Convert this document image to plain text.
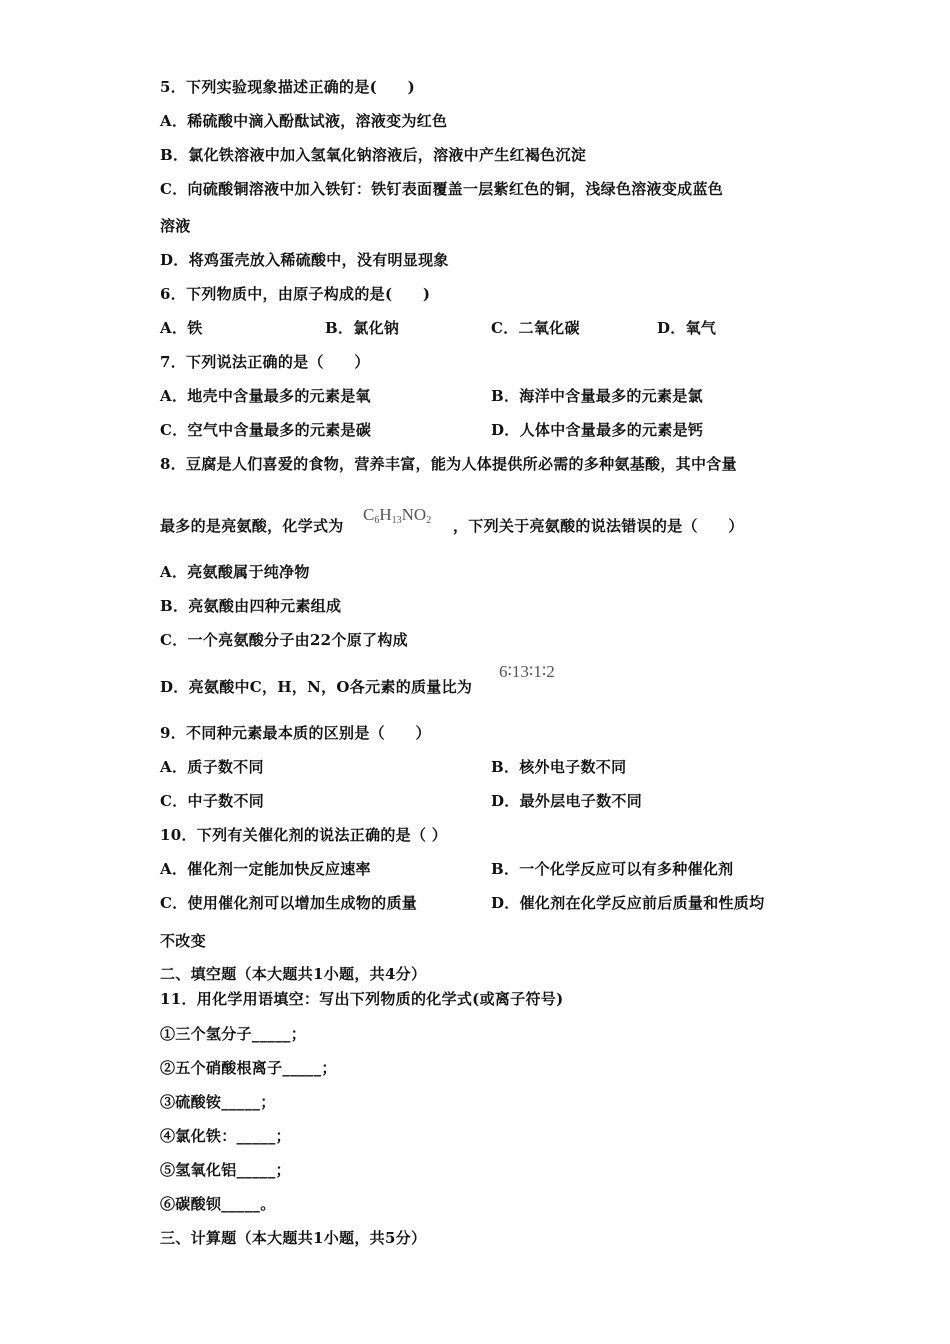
5．下列实验现象描述正确的是(　　)
A．稀硫酸中滴入酚酞试液，溶液变为红色
B．氯化铁溶液中加入氢氧化钠溶液后，溶液中产生红褐色沉淀
C．向硫酸铜溶液中加入铁钉：铁钉表面覆盖一层紫红色的铜，浅绿色溶液变成蓝色
溶液
D．将鸡蛋壳放入稀硫酸中，没有明显现象
6．下列物质中，由原子构成的是(　　)
A．铁	B．氯化钠	C．二氧化碳	D．氧气
7．下列说法正确的是（　　）
A．地壳中含量最多的元素是氧	B．海洋中含量最多的元素是氯
C．空气中含量最多的元素是碳	D．人体中含量最多的元素是钙
8．豆腐是人们喜爱的食物，营养丰富，能为人体提供所必需的多种氨基酸，其中含量
最多的是亮氨酸，化学式为
$C_6H_{13}NO_2$ ，下列关于亮氨酸的说法错误的是（　　）
A．亮氨酸属于纯净物
B．亮氨酸由四种元素组成
C．一个亮氨酸分子由22个原了构成
D．亮氨酸中C，H，N，O各元素的质量比为
6∶13∶1∶2
9．不同种元素最本质的区别是（　　）
A．质子数不同	B．核外电子数不同
C．中子数不同	D．最外层电子数不同
10．下列有关催化剂的说法正确的是（ ）
A．催化剂一定能加快反应速率	B．一个化学反应可以有多种催化剂
C．使用催化剂可以增加生成物的质量	D．催化剂在化学反应前后质量和性质均
不改变
二、填空题（本大题共1小题，共4分）
11．用化学用语填空：写出下列物质的化学式(或离子符号)
①三个氢分子_____；
②五个硝酸根离子_____；
③硫酸铵_____；
④氯化铁：_____；
⑤氢氧化铝_____；
⑥碳酸钡_____。
三、计算题（本大题共1小题，共5分）
